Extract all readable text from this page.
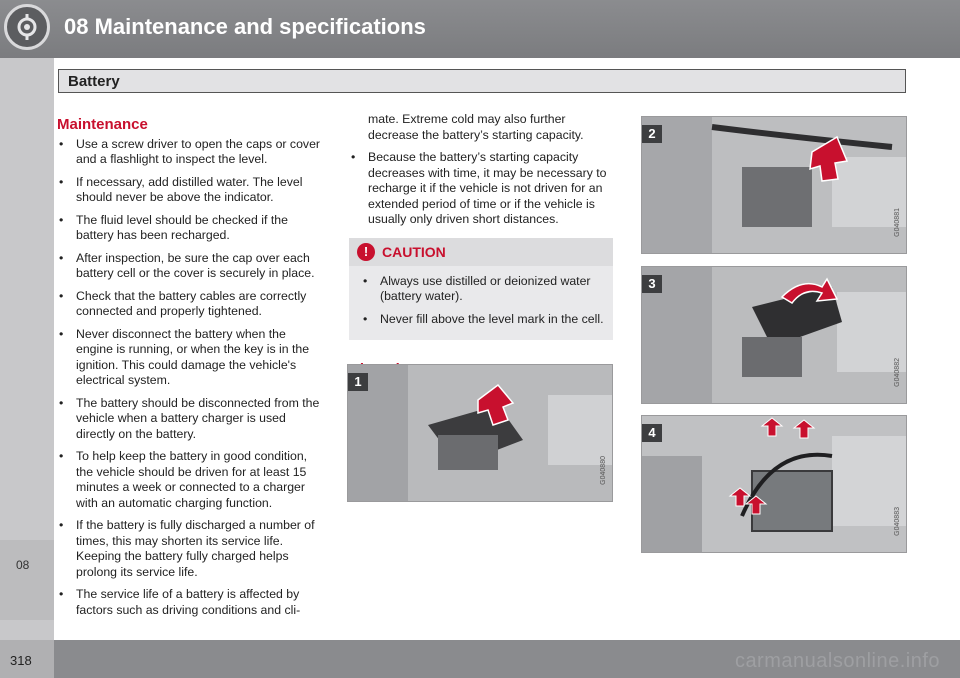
08 Maintenance and specifications
Battery
08
Maintenance
• Use a screw driver to open the caps or cover and a flashlight to inspect the level.
• If necessary, add distilled water. The level should never be above the indicator.
• The fluid level should be checked if the battery has been recharged.
• After inspection, be sure the cap over each battery cell or the cover is securely in place.
• Check that the battery cables are correctly connected and properly tightened.
• Never disconnect the battery when the engine is running, or when the key is in the ignition. This could damage the vehicle's electrical system.
• The battery should be disconnected from the vehicle when a battery charger is used directly on the battery.
• To help keep the battery in good condition, the vehicle should be driven for at least 15 minutes a week or connected to a charger with an automatic charging function.
• If the battery is fully discharged a number of times, this may shorten its service life. Keeping the battery fully charged helps prolong its service life.
• The service life of a battery is affected by factors such as driving conditions and cli-
mate. Extreme cold may also further decrease the battery’s starting capacity.
• Because the battery’s starting capacity decreases with time, it may be necessary to recharge it if the vehicle is not driven for an extended period of time or if the vehicle is usually only driven short distances.
! CAUTION
• Always use distilled or deionized water (battery water).
• Never fill above the level mark in the cell.
1
G040880
2
G040881
3
G040882
4
G040883
318	carmanualsonline.info
